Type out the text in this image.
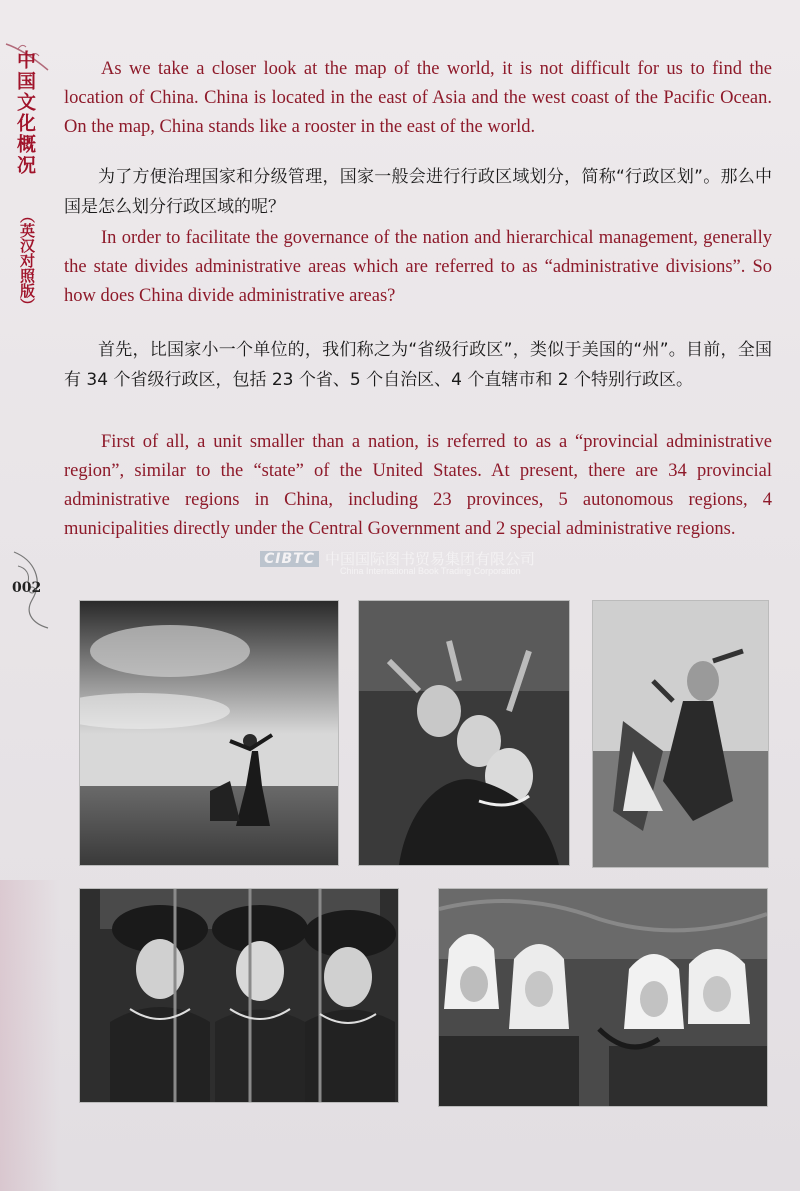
中国文化概况
（英汉对照版）
002

As we take a closer look at the map of the world, it is not difficult for us to find the location of China. China is located in the east of Asia and the west coast of the Pacific Ocean. On the map, China stands like a rooster in the east of the world.

为了方便治理国家和分级管理，国家一般会进行行政区域划分，简称“行政区划”。那么中国是怎么划分行政区域的呢？

In order to facilitate the governance of the nation and hierarchical management, generally the state divides administrative areas which are referred to as “administrative divisions”. So how does China divide administrative areas?

首先，比国家小一个单位的，我们称之为“省级行政区”，类似于美国的“州”。目前，全国有 34 个省级行政区，包括 23 个省、5 个自治区、4 个直辖市和 2 个特别行政区。

First of all, a unit smaller than a nation, is referred to as a “provincial administrative region”, similar to the “state” of the United States. At present, there are 34 provincial administrative regions in China, including 23 provinces, 5 autonomous regions, 4 municipalities directly under the Central Government and 2 special administrative regions.

CIBTC 中国国际图书贸易集团有限公司
China International Book Trading Corporation
